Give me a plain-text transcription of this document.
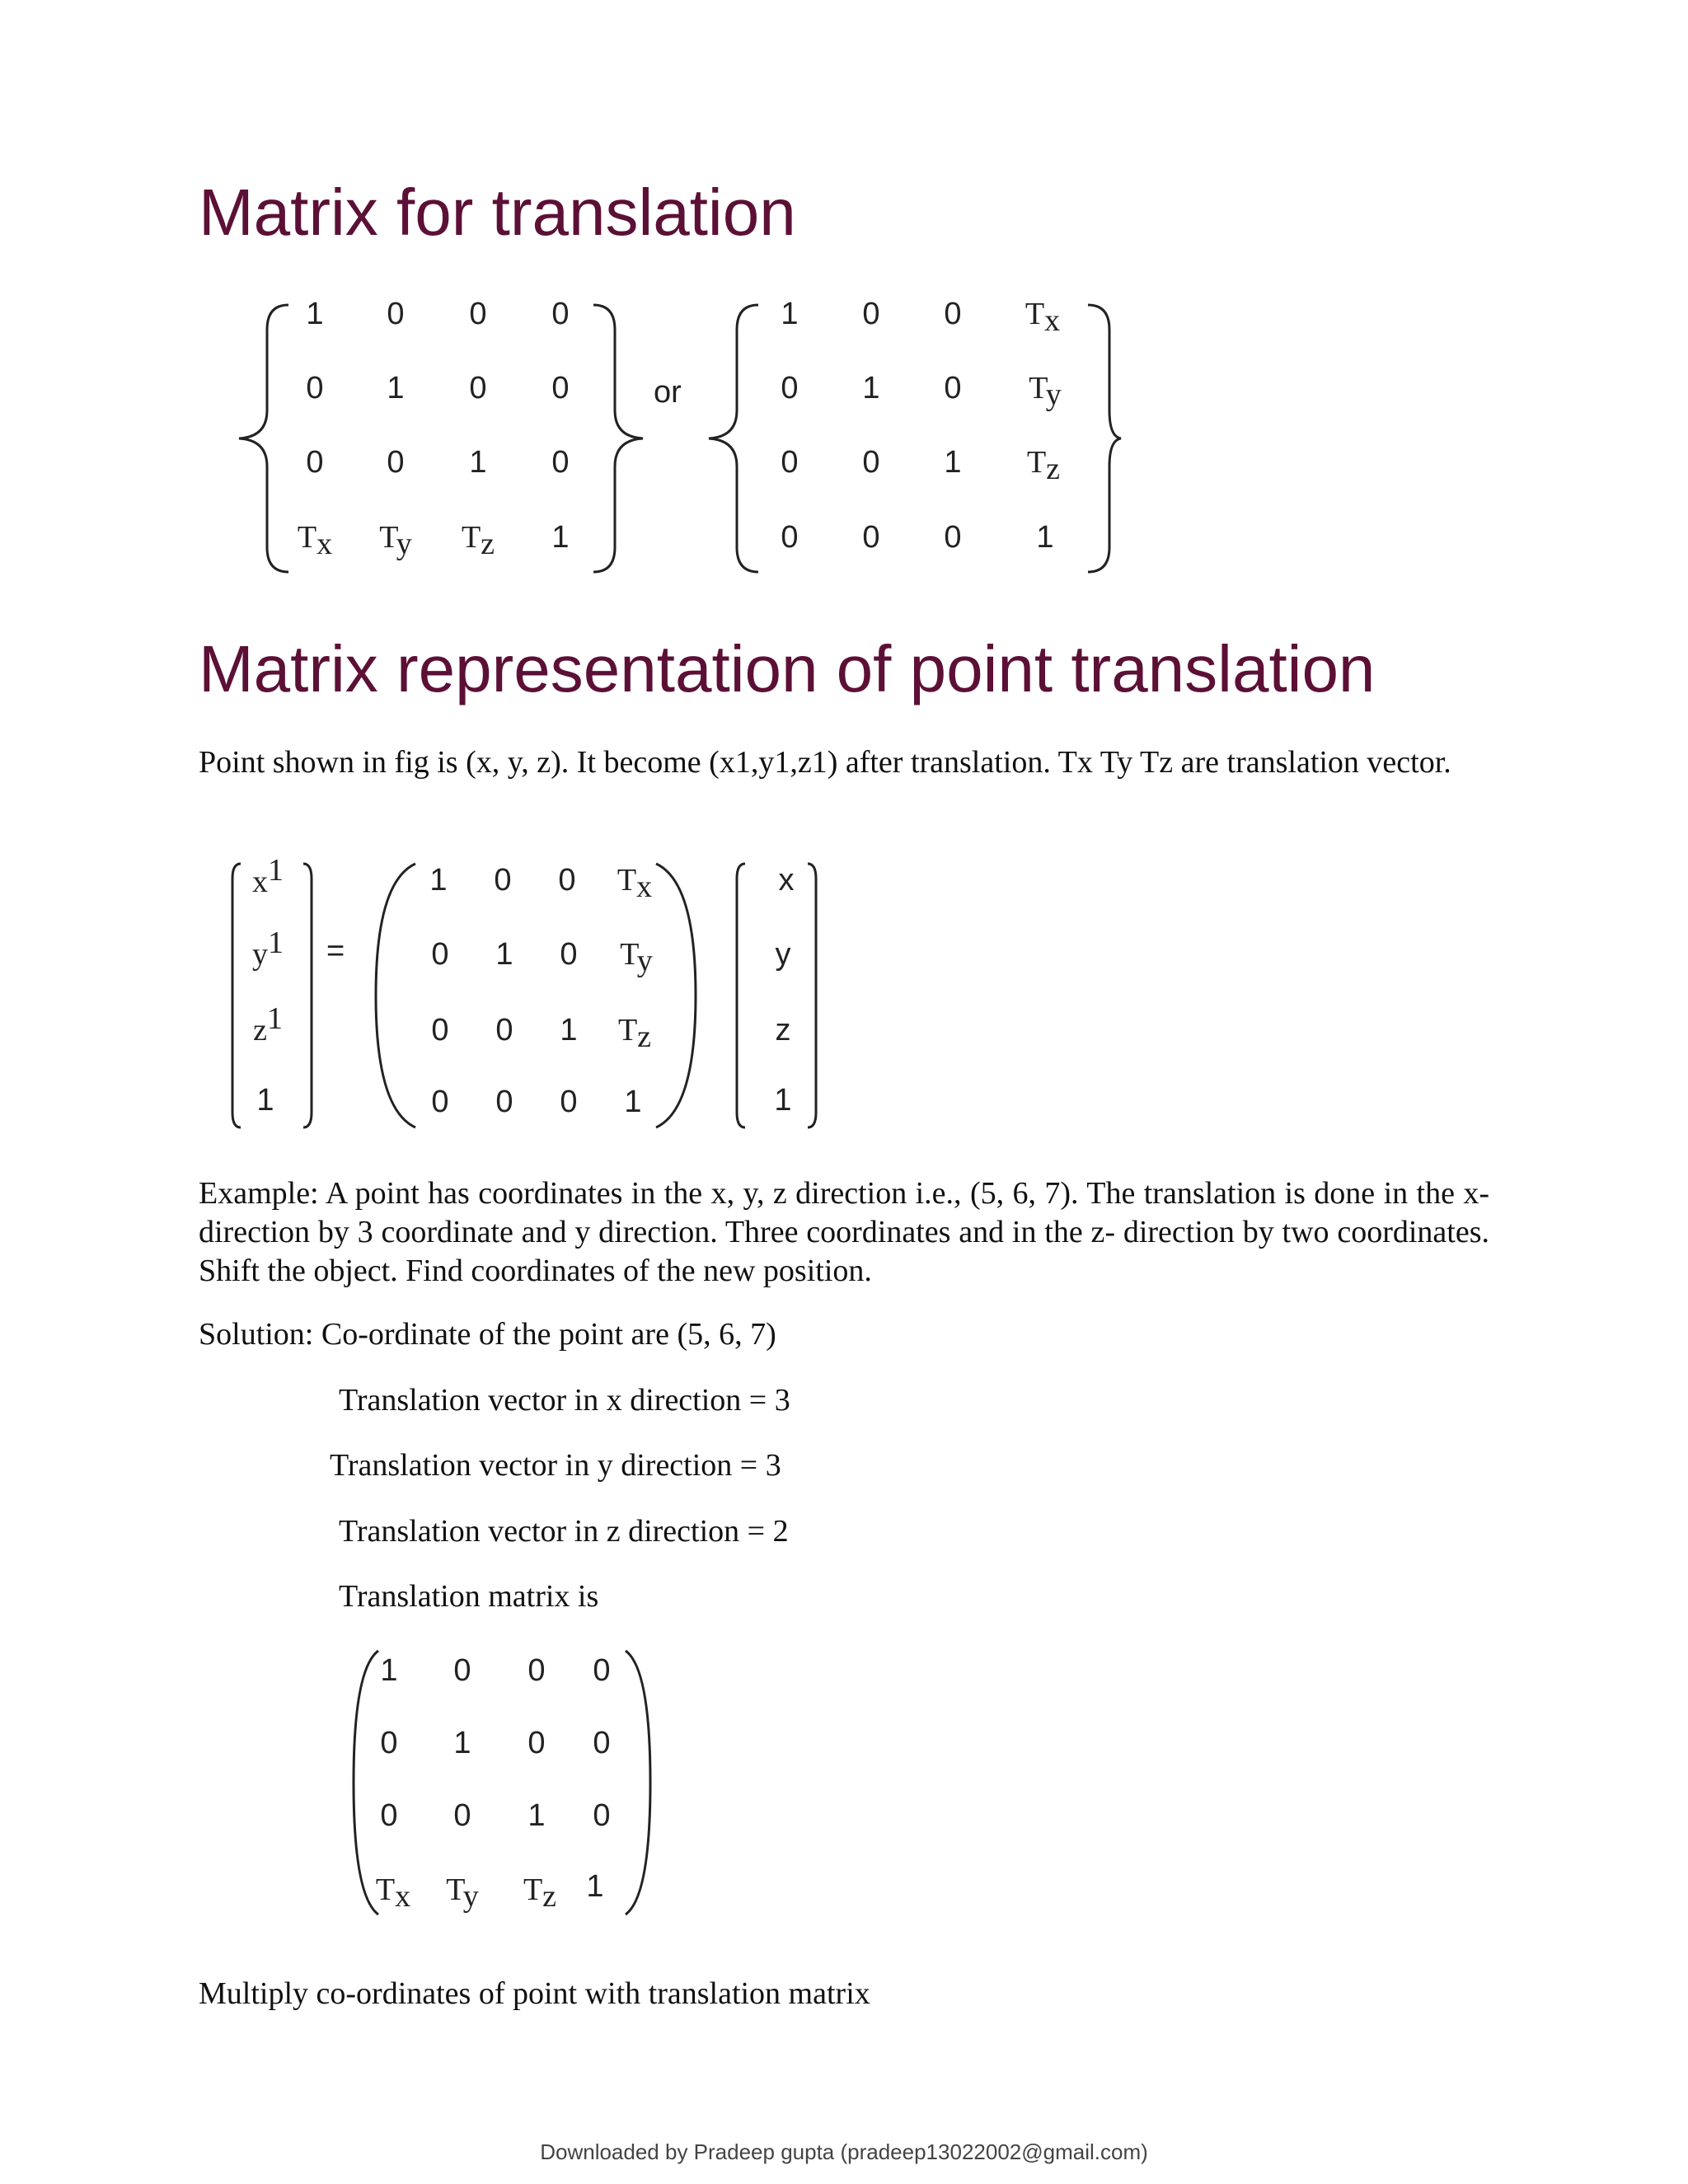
Matrix for translation
1 0 0 0
0 1 0 0
0 0 1 0
Tx Ty Tz 1
or
1 0 0 Tx
0 1 0 Ty
0 0 1 Tz
0 0 0 1
Matrix representation of point translation
Point shown in fig is (x, y, z). It become (x1,y1,z1) after translation. Tx Ty Tz are translation vector.
x1
y1
z1
1
=
1 0 0 Tx
0 1 0 Ty
0 0 1 Tz
0 0 0 1
x
y
z
1
Example: A point has coordinates in the x, y, z direction i.e., (5, 6, 7). The translation is done in the x-direction by 3 coordinate and y direction. Three coordinates and in the z- direction by two coordinates. Shift the object. Find coordinates of the new position.
Solution: Co-ordinate of the point are (5, 6, 7)
Translation vector in x direction = 3
Translation vector in y direction = 3
Translation vector in z direction = 2
Translation matrix is
1 0 0 0
0 1 0 0
0 0 1 0
Tx Ty Tz 1
Multiply co-ordinates of point with translation matrix
Downloaded by Pradeep gupta (pradeep13022002@gmail.com)
